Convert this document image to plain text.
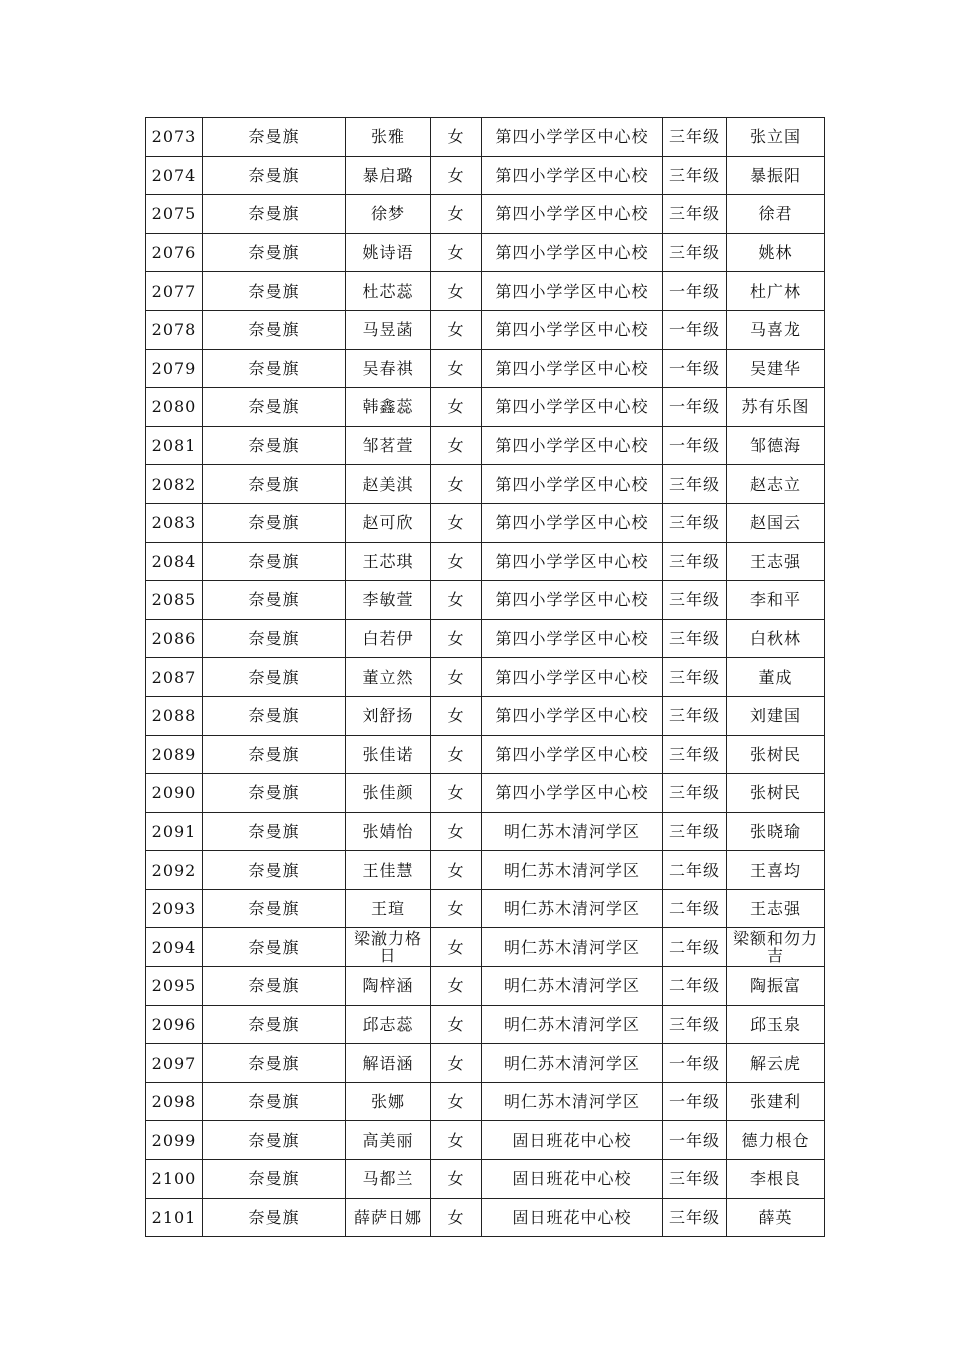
2073	奈曼旗	张雅	女	第四小学学区中心校	三年级	张立国
2074	奈曼旗	暴启璐	女	第四小学学区中心校	三年级	暴振阳
2075	奈曼旗	徐梦	女	第四小学学区中心校	三年级	徐君
2076	奈曼旗	姚诗语	女	第四小学学区中心校	三年级	姚林
2077	奈曼旗	杜芯蕊	女	第四小学学区中心校	一年级	杜广林
2078	奈曼旗	马昱菡	女	第四小学学区中心校	一年级	马喜龙
2079	奈曼旗	吴春祺	女	第四小学学区中心校	一年级	吴建华
2080	奈曼旗	韩鑫蕊	女	第四小学学区中心校	一年级	苏有乐图
2081	奈曼旗	邹茗萱	女	第四小学学区中心校	一年级	邹德海
2082	奈曼旗	赵美淇	女	第四小学学区中心校	三年级	赵志立
2083	奈曼旗	赵可欣	女	第四小学学区中心校	三年级	赵国云
2084	奈曼旗	王芯琪	女	第四小学学区中心校	三年级	王志强
2085	奈曼旗	李敏萱	女	第四小学学区中心校	三年级	李和平
2086	奈曼旗	白若伊	女	第四小学学区中心校	三年级	白秋林
2087	奈曼旗	董立然	女	第四小学学区中心校	三年级	董成
2088	奈曼旗	刘舒扬	女	第四小学学区中心校	三年级	刘建国
2089	奈曼旗	张佳诺	女	第四小学学区中心校	三年级	张树民
2090	奈曼旗	张佳颜	女	第四小学学区中心校	三年级	张树民
2091	奈曼旗	张婧怡	女	明仁苏木清河学区	三年级	张晓瑜
2092	奈曼旗	王佳慧	女	明仁苏木清河学区	二年级	王喜均
2093	奈曼旗	王瑄	女	明仁苏木清河学区	二年级	王志强
2094	奈曼旗	梁澈力格日	女	明仁苏木清河学区	二年级	梁额和勿力吉
2095	奈曼旗	陶梓涵	女	明仁苏木清河学区	二年级	陶振富
2096	奈曼旗	邱志蕊	女	明仁苏木清河学区	三年级	邱玉泉
2097	奈曼旗	解语涵	女	明仁苏木清河学区	一年级	解云虎
2098	奈曼旗	张娜	女	明仁苏木清河学区	一年级	张建利
2099	奈曼旗	高美丽	女	固日班花中心校	一年级	德力根仓
2100	奈曼旗	马都兰	女	固日班花中心校	三年级	李根良
2101	奈曼旗	薛萨日娜	女	固日班花中心校	三年级	薛英
